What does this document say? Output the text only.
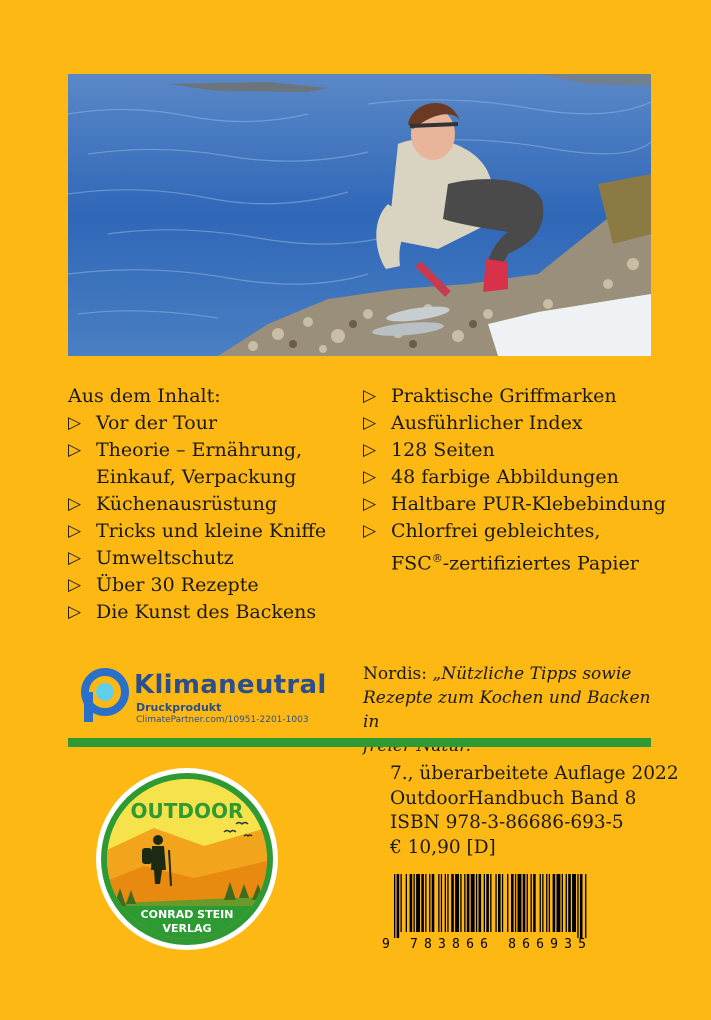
Aus dem Inhalt:
▷ Vor der Tour
▷ Theorie – Ernährung,
Einkauf, Verpackung
▷ Küchenausrüstung
▷ Tricks und kleine Kniffe
▷ Umweltschutz
▷ Über 30 Rezepte
▷ Die Kunst des Backens
▷ Praktische Griffmarken
▷ Ausführlicher Index
▷ 128 Seiten
▷ 48 farbige Abbildungen
▷ Haltbare PUR-Klebebindung
▷ Chlorfrei gebleichtes,
FSC®-zertifiziertes Papier
Klimaneutral
Druckprodukt
ClimatePartner.com/10951-2201-1003
Nordis: „Nützliche Tipps sowie
Rezepte zum Kochen und Backen in

OUTDOOR
CONRAD STEIN
VERLAG
7., überarbeitete Auflage 2022
OutdoorHandbuch Band 8
ISBN 978-3-86686-693-5
€ 10,90 [D]
9 783866 866935
